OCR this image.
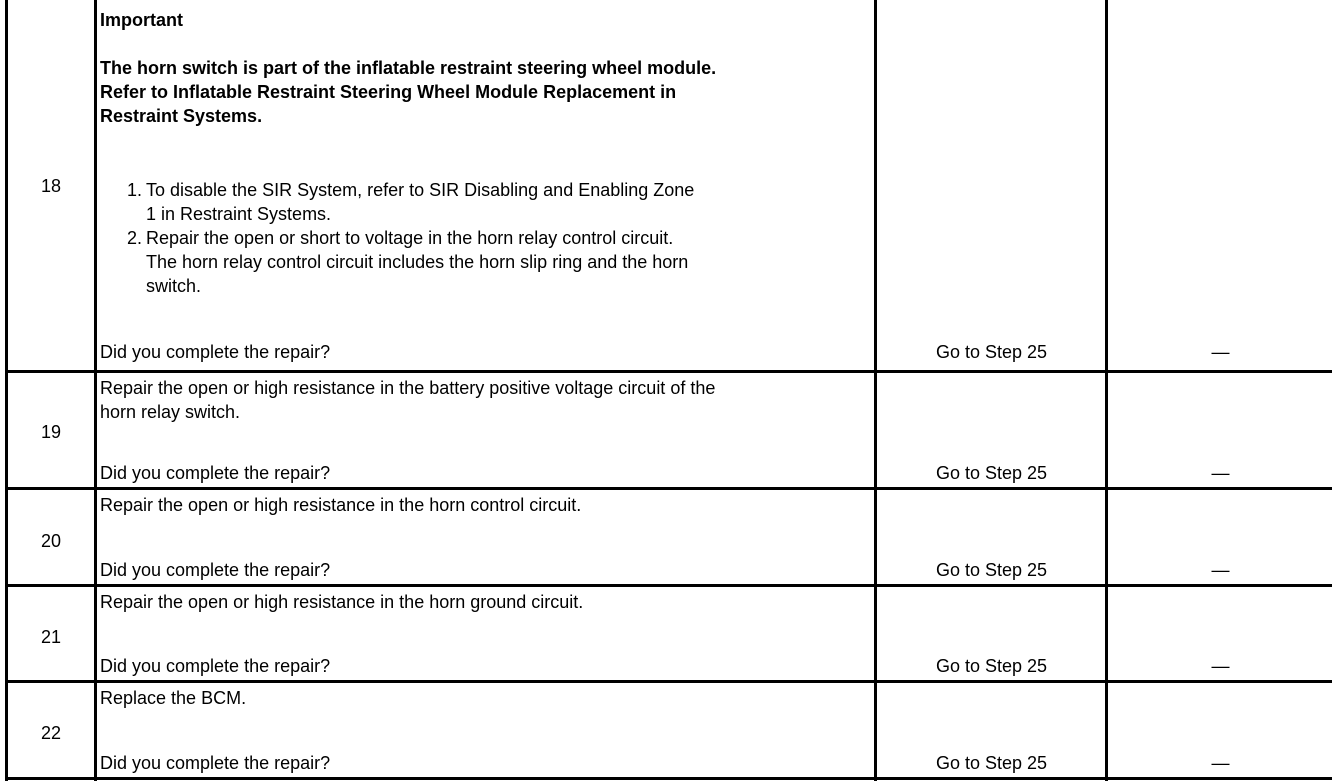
18
Important
The horn switch is part of the inflatable restraint steering wheel module.
Refer to Inflatable Restraint Steering Wheel Module Replacement in
Restraint Systems.
1. To disable the SIR System, refer to SIR Disabling and Enabling Zone
1 in Restraint Systems.
2. Repair the open or short to voltage in the horn relay control circuit.
The horn relay control circuit includes the horn slip ring and the horn
switch.
Did you complete the repair?	Go to Step 25	—
19
Repair the open or high resistance in the battery positive voltage circuit of the
horn relay switch.
Did you complete the repair?	Go to Step 25	—
20
Repair the open or high resistance in the horn control circuit.
Did you complete the repair?	Go to Step 25	—
21
Repair the open or high resistance in the horn ground circuit.
Did you complete the repair?	Go to Step 25	—
22
Replace the BCM.
Did you complete the repair?	Go to Step 25	—
